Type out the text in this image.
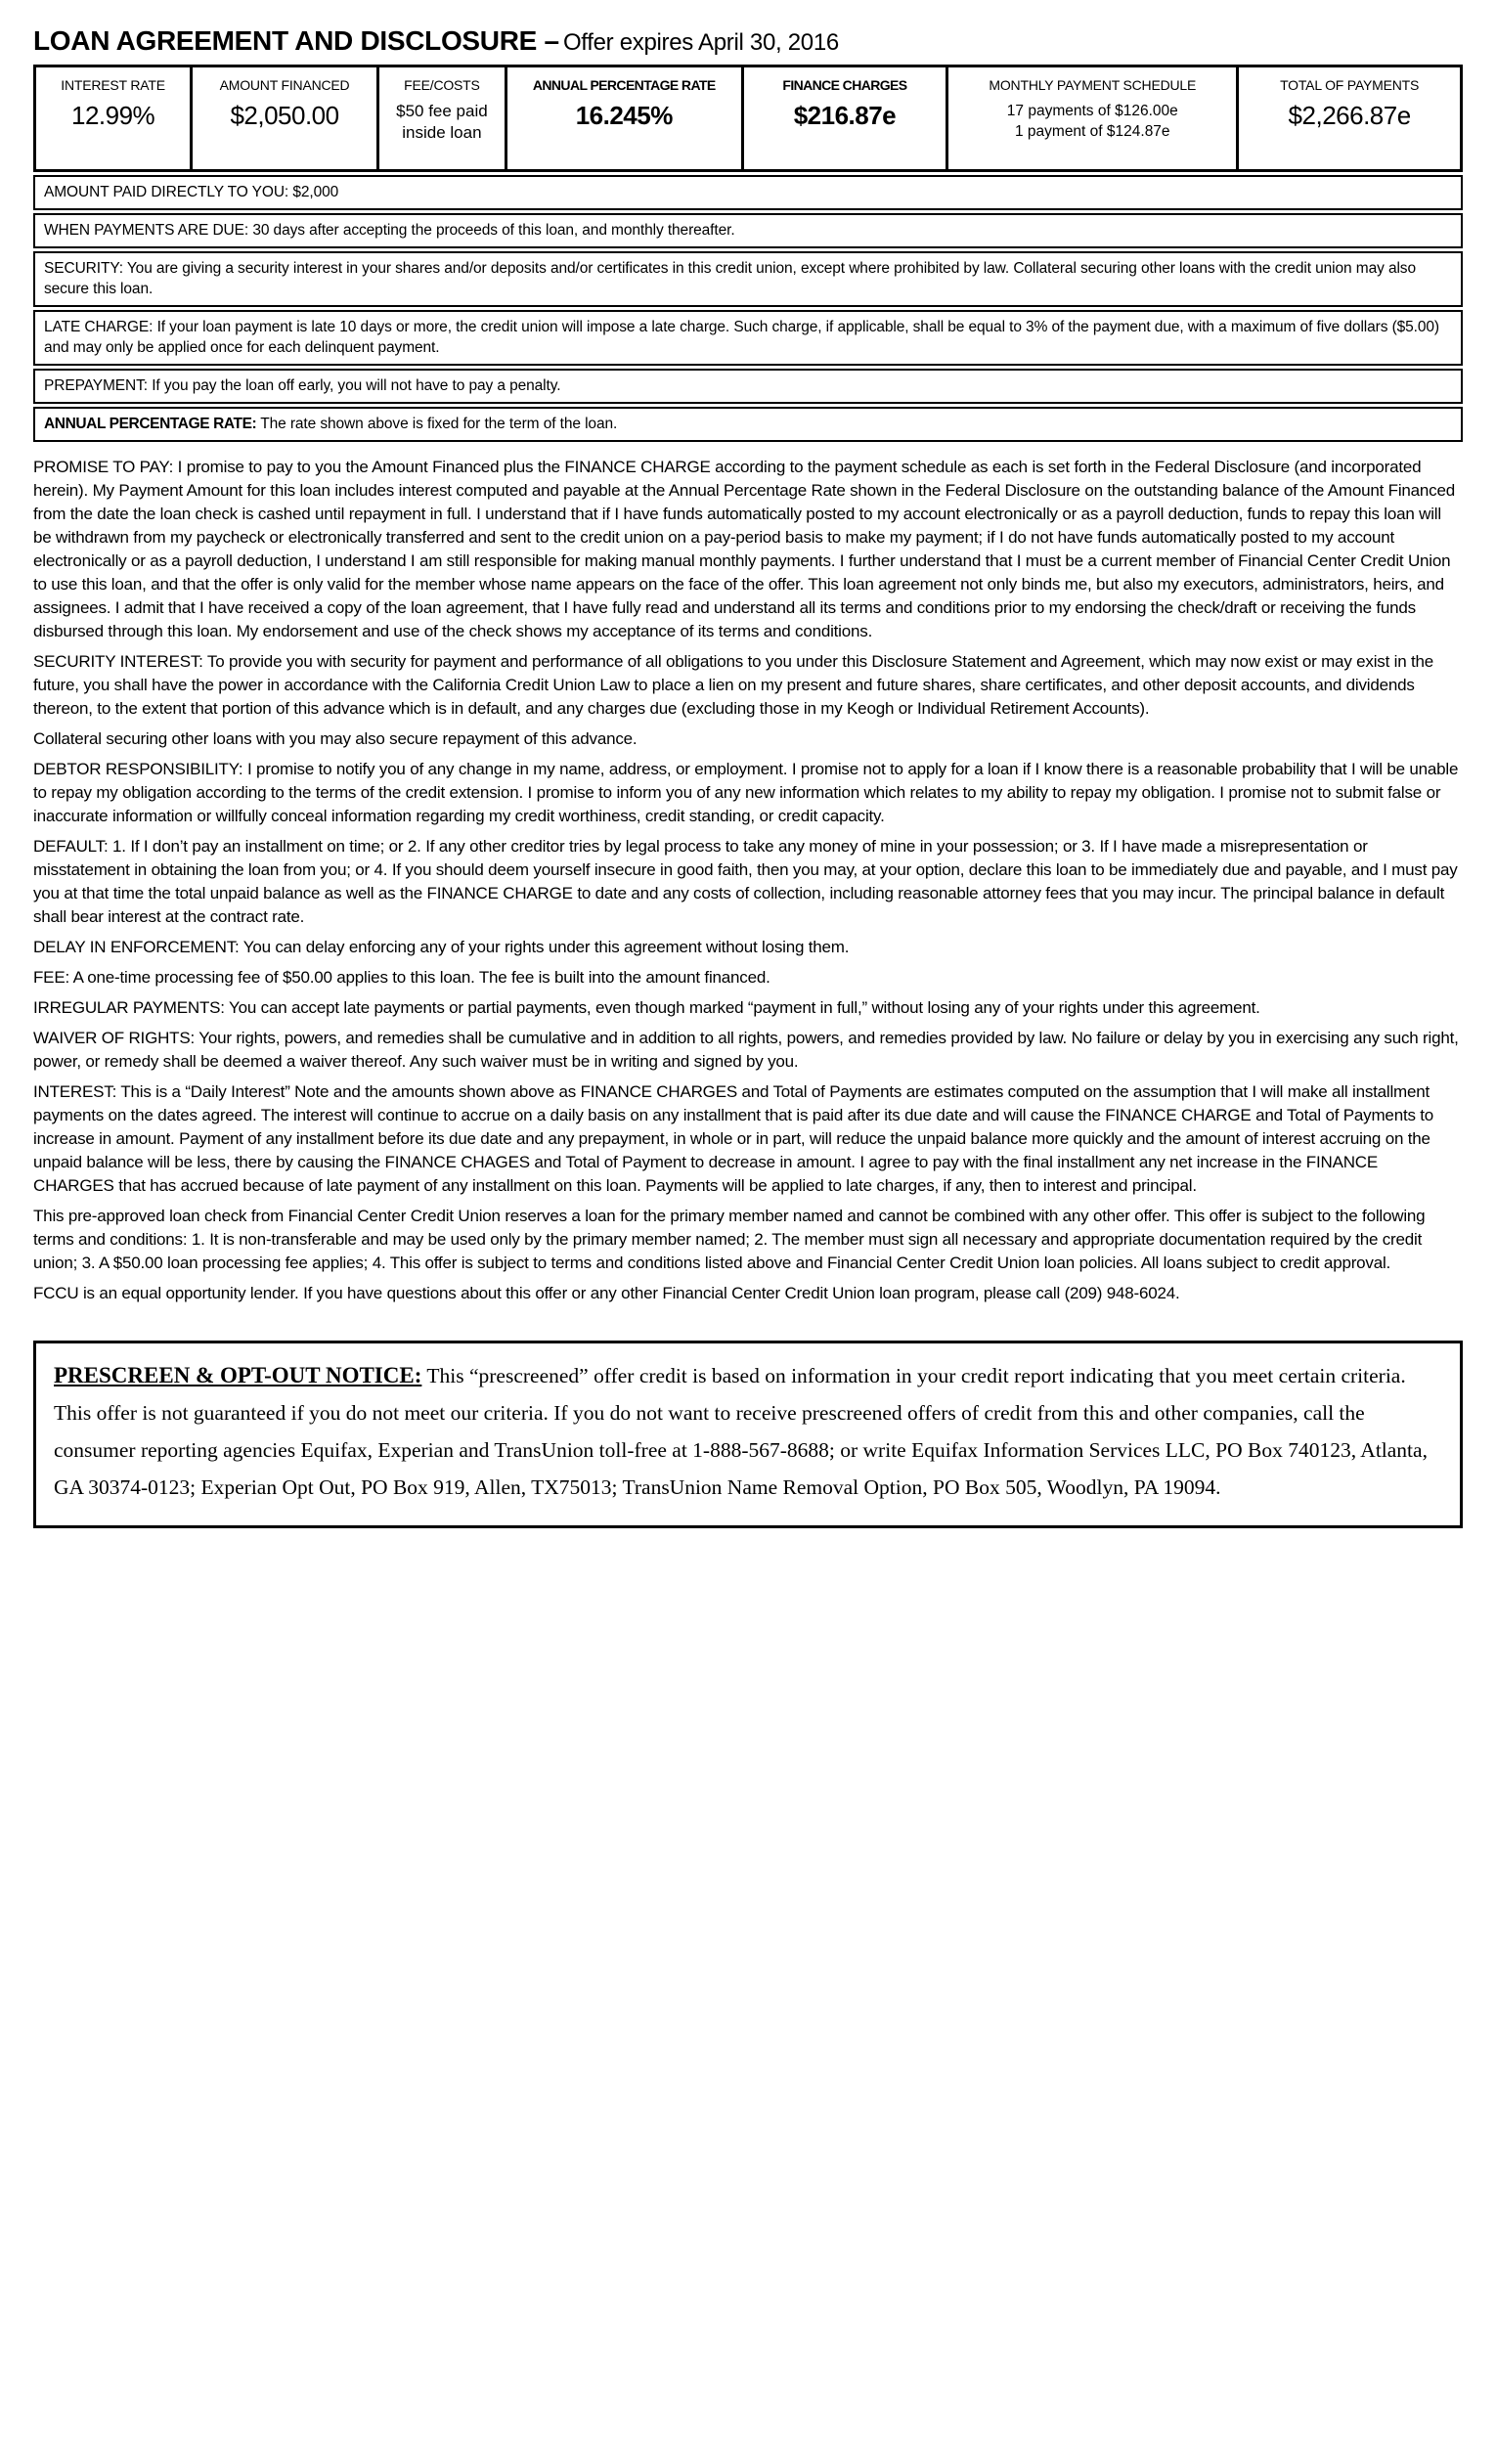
LOAN AGREEMENT AND DISCLOSURE – Offer expires April 30, 2016
INTEREST RATE
12.99%
AMOUNT FINANCED
$2,050.00
FEE/COSTS
$50 fee paid
inside loan
ANNUAL PERCENTAGE RATE
16.245%
FINANCE CHARGES
$216.87e
MONTHLY PAYMENT SCHEDULE
17 payments of $126.00e
1 payment of $124.87e
TOTAL OF PAYMENTS
$2,266.87e
AMOUNT PAID DIRECTLY TO YOU: $2,000
WHEN PAYMENTS ARE DUE: 30 days after accepting the proceeds of this loan, and monthly thereafter.
SECURITY: You are giving a security interest in your shares and/or deposits and/or certificates in this credit union, except where prohibited by law. Collateral securing other loans with the credit union may also secure this loan.
LATE CHARGE: If your loan payment is late 10 days or more, the credit union will impose a late charge. Such charge, if applicable, shall be equal to 3% of the payment due, with a maximum of five dollars ($5.00) and may only be applied once for each delinquent payment.
PREPAYMENT: If you pay the loan off early, you will not have to pay a penalty.
ANNUAL PERCENTAGE RATE: The rate shown above is fixed for the term of the loan.

PROMISE TO PAY: I promise to pay to you the Amount Financed plus the FINANCE CHARGE according to the payment schedule as each is set forth in the Federal Disclosure (and incorporated herein). My Payment Amount for this loan includes interest computed and payable at the Annual Percentage Rate shown in the Federal Disclosure on the outstanding balance of the Amount Financed from the date the loan check is cashed until repayment in full. I understand that if I have funds automatically posted to my account electronically or as a payroll deduction, funds to repay this loan will be withdrawn from my paycheck or electronically transferred and sent to the credit union on a pay-period basis to make my payment; if I do not have funds automatically posted to my account electronically or as a payroll deduction, I understand I am still responsible for making manual monthly payments. I further understand that I must be a current member of Financial Center Credit Union to use this loan, and that the offer is only valid for the member whose name appears on the face of the offer. This loan agreement not only binds me, but also my executors, administrators, heirs, and assignees. I admit that I have received a copy of the loan agreement, that I have fully read and understand all its terms and conditions prior to my endorsing the check/draft or receiving the funds disbursed through this loan. My endorsement and use of the check shows my acceptance of its terms and conditions.

SECURITY INTEREST: To provide you with security for payment and performance of all obligations to you under this Disclosure Statement and Agreement, which may now exist or may exist in the future, you shall have the power in accordance with the California Credit Union Law to place a lien on my present and future shares, share certificates, and other deposit accounts, and dividends thereon, to the extent that portion of this advance which is in default, and any charges due (excluding those in my Keogh or Individual Retirement Accounts).

Collateral securing other loans with you may also secure repayment of this advance.

DEBTOR RESPONSIBILITY: I promise to notify you of any change in my name, address, or employment. I promise not to apply for a loan if I know there is a reasonable probability that I will be unable to repay my obligation according to the terms of the credit extension. I promise to inform you of any new information which relates to my ability to repay my obligation. I promise not to submit false or inaccurate information or willfully conceal information regarding my credit worthiness, credit standing, or credit capacity.

DEFAULT: 1. If I don’t pay an installment on time; or 2. If any other creditor tries by legal process to take any money of mine in your possession; or 3. If I have made a misrepresentation or misstatement in obtaining the loan from you; or 4. If you should deem yourself insecure in good faith, then you may, at your option, declare this loan to be immediately due and payable, and I must pay you at that time the total unpaid balance as well as the FINANCE CHARGE to date and any costs of collection, including reasonable attorney fees that you may incur. The principal balance in default shall bear interest at the contract rate.

DELAY IN ENFORCEMENT: You can delay enforcing any of your rights under this agreement without losing them.

FEE: A one-time processing fee of $50.00 applies to this loan. The fee is built into the amount financed.

IRREGULAR PAYMENTS: You can accept late payments or partial payments, even though marked “payment in full,” without losing any of your rights under this agreement.

WAIVER OF RIGHTS: Your rights, powers, and remedies shall be cumulative and in addition to all rights, powers, and remedies provided by law. No failure or delay by you in exercising any such right, power, or remedy shall be deemed a waiver thereof. Any such waiver must be in writing and signed by you.

INTEREST: This is a “Daily Interest” Note and the amounts shown above as FINANCE CHARGES and Total of Payments are estimates computed on the assumption that I will make all installment payments on the dates agreed. The interest will continue to accrue on a daily basis on any installment that is paid after its due date and will cause the FINANCE CHARGE and Total of Payments to increase in amount. Payment of any installment before its due date and any prepayment, in whole or in part, will reduce the unpaid balance more quickly and the amount of interest accruing on the unpaid balance will be less, there by causing the FINANCE CHAGES and Total of Payment to decrease in amount. I agree to pay with the final installment any net increase in the FINANCE CHARGES that has accrued because of late payment of any installment on this loan. Payments will be applied to late charges, if any, then to interest and principal.

This pre-approved loan check from Financial Center Credit Union reserves a loan for the primary member named and cannot be combined with any other offer. This offer is subject to the following terms and conditions: 1. It is non-transferable and may be used only by the primary member named; 2. The member must sign all necessary and appropriate documentation required by the credit union; 3. A $50.00 loan processing fee applies; 4. This offer is subject to terms and conditions listed above and Financial Center Credit Union loan policies. All loans subject to credit approval.

FCCU is an equal opportunity lender. If you have questions about this offer or any other Financial Center Credit Union loan program, please call (209) 948-6024.

PRESCREEN & OPT-OUT NOTICE: This “prescreened” offer credit is based on information in your credit report indicating that you meet certain criteria. This offer is not guaranteed if you do not meet our criteria. If you do not want to receive prescreened offers of credit from this and other companies, call the consumer reporting agencies Equifax, Experian and TransUnion toll-free at 1-888-567-8688; or write Equifax Information Services LLC, PO Box 740123, Atlanta, GA 30374-0123; Experian Opt Out, PO Box 919, Allen, TX75013; TransUnion Name Removal Option, PO Box 505, Woodlyn, PA 19094.
